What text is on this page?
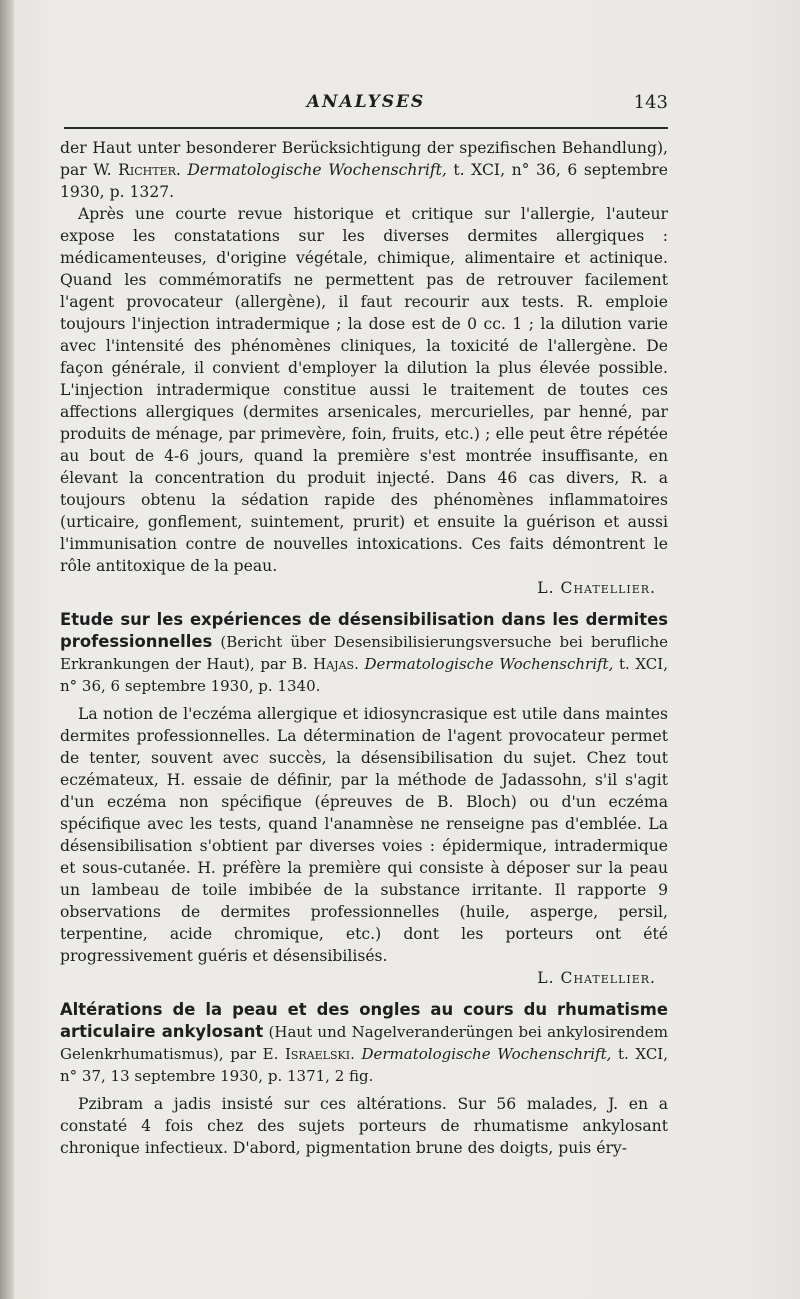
ANALYSES	143

der Haut unter besonderer Berücksichtigung der spezifischen Behandlung), par W. Richter. Dermatologische Wochenschrift, t. XCI, n° 36, 6 septembre 1930, p. 1327.

Après une courte revue historique et critique sur l'allergie, l'auteur expose les constatations sur les diverses dermites allergiques : médicamenteuses, d'origine végétale, chimique, alimentaire et actinique. Quand les commémoratifs ne permettent pas de retrouver facilement l'agent provocateur (allergène), il faut recourir aux tests. R. emploie toujours l'injection intradermique ; la dose est de 0 cc. 1 ; la dilution varie avec l'intensité des phénomènes cliniques, la toxicité de l'allergène. De façon générale, il convient d'employer la dilution la plus élevée possible. L'injection intradermique constitue aussi le traitement de toutes ces affections allergiques (dermites arsenicales, mercurielles, par henné, par produits de ménage, par primevère, foin, fruits, etc.) ; elle peut être répétée au bout de 4-6 jours, quand la première s'est montrée insuffisante, en élevant la concentration du produit injecté. Dans 46 cas divers, R. a toujours obtenu la sédation rapide des phénomènes inflammatoires (urticaire, gonflement, suintement, prurit) et ensuite la guérison et aussi l'immunisation contre de nouvelles intoxications. Ces faits démontrent le rôle antitoxique de la peau.

L. Chatellier.

Etude sur les expériences de désensibilisation dans les dermites professionnelles (Bericht über Desensibilisierungsversuche bei berufliche Erkrankungen der Haut), par B. Hajas. Dermatologische Wochenschrift, t. XCI, n° 36, 6 septembre 1930, p. 1340.

La notion de l'eczéma allergique et idiosyncrasique est utile dans maintes dermites professionnelles. La détermination de l'agent provocateur permet de tenter, souvent avec succès, la désensibilisation du sujet. Chez tout eczémateux, H. essaie de définir, par la méthode de Jadassohn, s'il s'agit d'un eczéma non spécifique (épreuves de B. Bloch) ou d'un eczéma spécifique avec les tests, quand l'anamnèse ne renseigne pas d'emblée. La désensibilisation s'obtient par diverses voies : épidermique, intradermique et sous-cutanée. H. préfère la première qui consiste à déposer sur la peau un lambeau de toile imbibée de la substance irritante. Il rapporte 9 observations de dermites professionnelles (huile, asperge, persil, terpentine, acide chromique, etc.) dont les porteurs ont été progressivement guéris et désensibilisés.

L. Chatellier.

Altérations de la peau et des ongles au cours du rhumatisme articulaire ankylosant (Haut und Nagelveranderüngen bei ankylosirendem Gelenkrhumatismus), par E. Israelski. Dermatologische Wochenschrift, t. XCI, n° 37, 13 septembre 1930, p. 1371, 2 fig.

Pzibram a jadis insisté sur ces altérations. Sur 56 malades, J. en a constaté 4 fois chez des sujets porteurs de rhumatisme ankylosant chronique infectieux. D'abord, pigmentation brune des doigts, puis éry-
